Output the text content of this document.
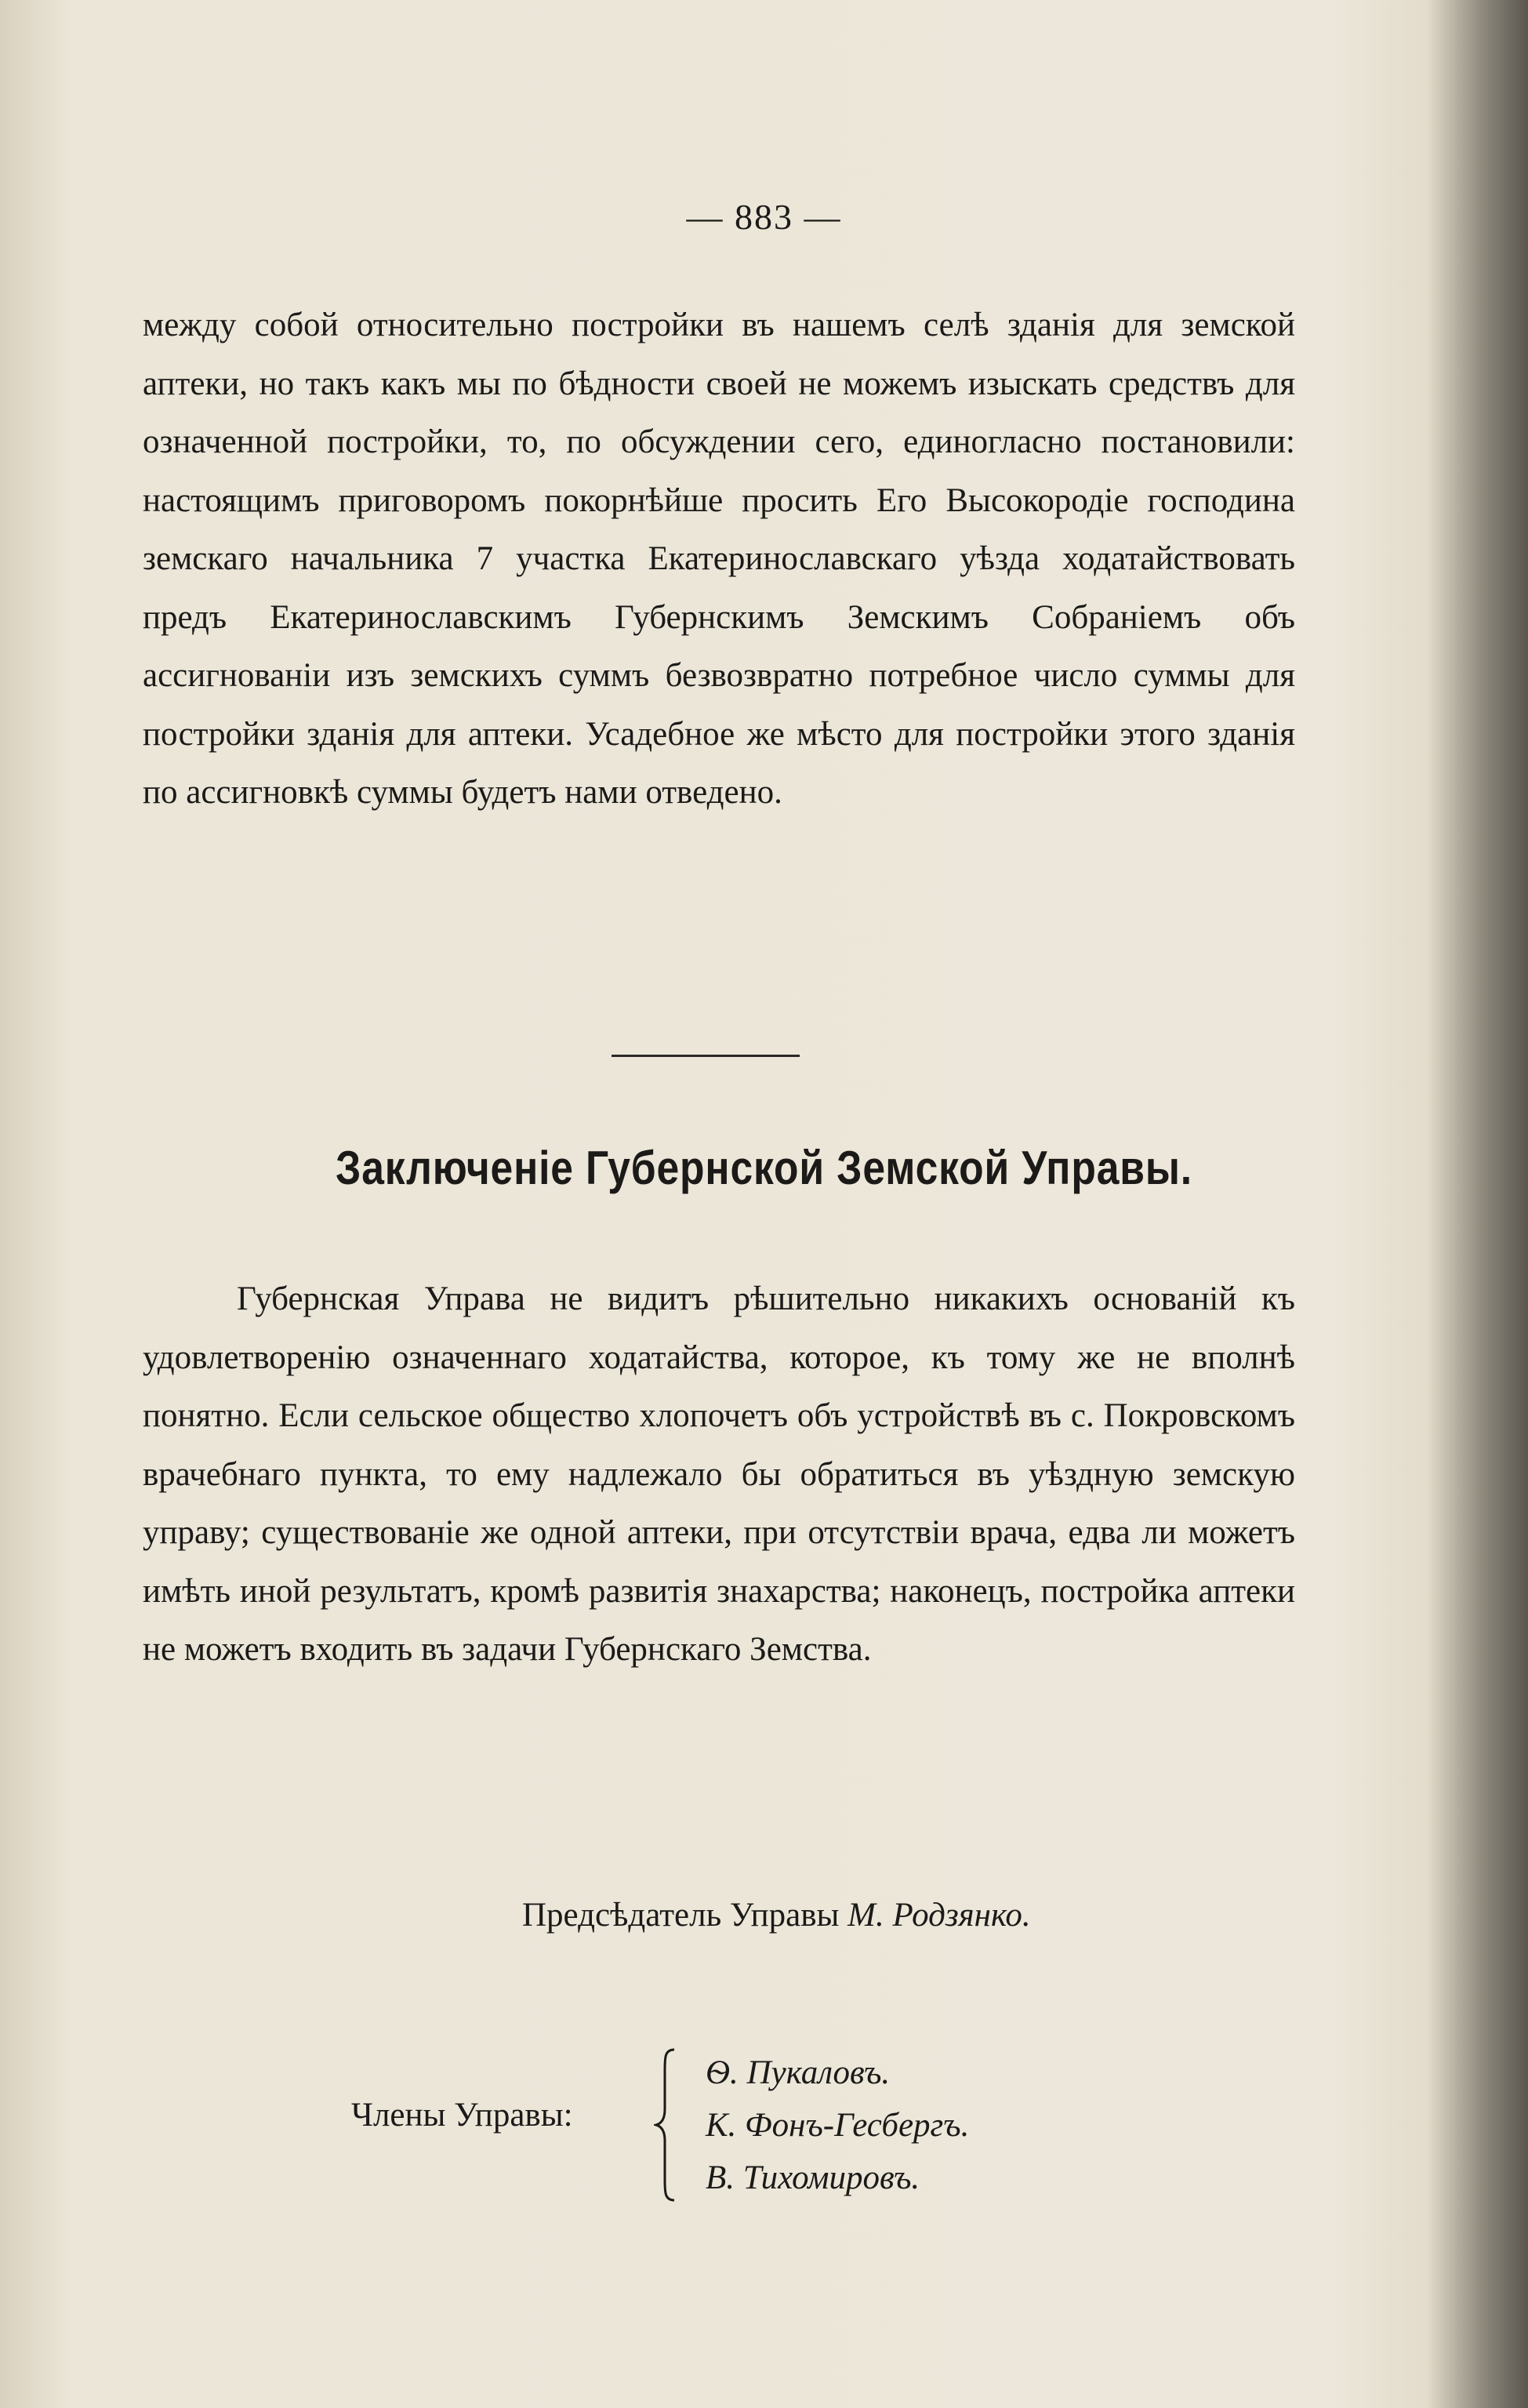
— 883 —

между собой относительно постройки въ нашемъ селѣ зданія для земской аптеки, но такъ какъ мы по бѣдности своей не можемъ изыскать средствъ для означенной постройки, то, по обсуждении сего, единогласно постановили: настоящимъ приговоромъ покорнѣйше просить Его Высокородіе господина земскаго начальника 7 участка Екатеринославскаго уѣзда ходатайствовать предъ Екатеринославскимъ Губернскимъ Земскимъ Собраніемъ объ ассигнованіи изъ земскихъ суммъ безвозвратно потребное число суммы для постройки зданія для аптеки. Усадебное же мѣсто для постройки этого зданія по ассигновкѣ суммы будетъ нами отведено.

Заключеніе Губернской Земской Управы.

Губернская Управа не видитъ рѣшительно никакихъ основаній къ удовлетворенію означеннаго ходатайства, которое, къ тому же не вполнѣ понятно. Если сельское общество хлопочетъ объ устройствѣ въ с. Покровскомъ врачебнаго пункта, то ему надлежало бы обратиться въ уѣздную земскую управу; существованіе же одной аптеки, при отсутствіи врача, едва ли можетъ имѣть иной результатъ, кромѣ развитія знахарства; наконецъ, постройка аптеки не можетъ входить въ задачи Губернскаго Земства.

Предсѣдатель Управы М. Родзянко.
Члены Управы:
Ѳ. Пукаловъ.
К. Фонъ-Гесбергъ.
В. Тихомировъ.
